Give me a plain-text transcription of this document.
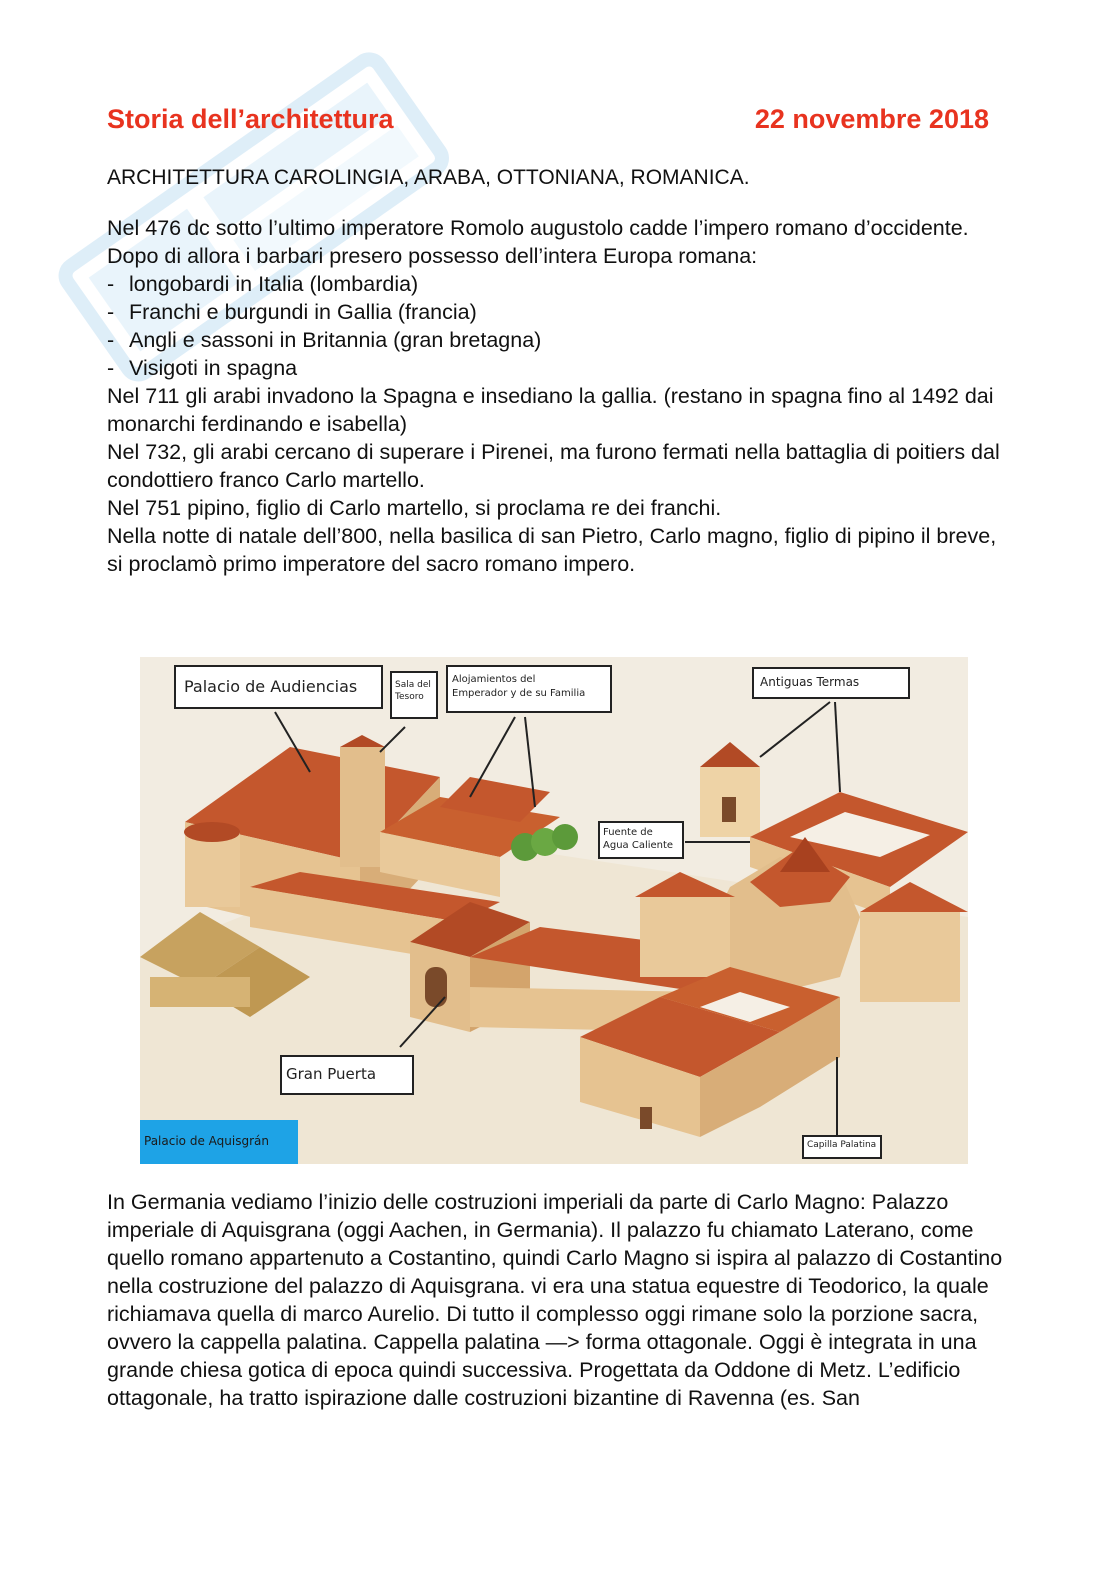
Storia dell’architettura	22 novembre 2018
ARCHITETTURA CAROLINGIA, ARABA, OTTONIANA, ROMANICA.

Nel 476 dc sotto l’ultimo imperatore Romolo augustolo cadde l’impero romano d’occidente.

Dopo di allora i barbari presero possesso dell’intera Europa romana:

- longobardi in Italia (lombardia)
- Franchi e burgundi in Gallia (francia)
- Angli e sassoni in Britannia (gran bretagna)
- Visigoti in spagna

Nel 711 gli arabi invadono la Spagna e insediano la gallia. (restano in spagna fino al 1492 dai monarchi ferdinando e isabella)

Nel 732, gli arabi cercano di superare i Pirenei, ma furono fermati nella battaglia di poitiers dal condottiero franco Carlo martello.

Nel 751 pipino, figlio di Carlo martello, si proclama re dei franchi.

Nella notte di natale dell’800, nella basilica di san Pietro, Carlo magno, figlio di pipino il breve, si proclamò primo imperatore del sacro romano impero.

Palacio de Audiencias	Sala del
Tesoro
Alojamientos del
Emperador y de su Familia
Antiguas Termas
Fuente de
Agua Caliente
Gran Puerta
Capilla Palatina
Palacio de Aquisgrán

In Germania vediamo l’inizio delle costruzioni imperiali da parte di Carlo Magno: Palazzo imperiale di Aquisgrana (oggi Aachen, in Germania). Il palazzo fu chiamato Laterano, come quello romano appartenuto a Costantino, quindi Carlo Magno si ispira al palazzo di Costantino nella costruzione del palazzo di Aquisgrana. vi era una statua equestre di Teodorico, la quale richiamava quella di marco Aurelio. Di tutto il complesso oggi rimane solo la porzione sacra, ovvero la cappella palatina. Cappella palatina —> forma ottagonale. Oggi è integrata in una grande chiesa gotica di epoca quindi successiva. Progettata da Oddone di Metz. L’edificio ottagonale, ha tratto ispirazione dalle costruzioni bizantine di Ravenna (es. San
